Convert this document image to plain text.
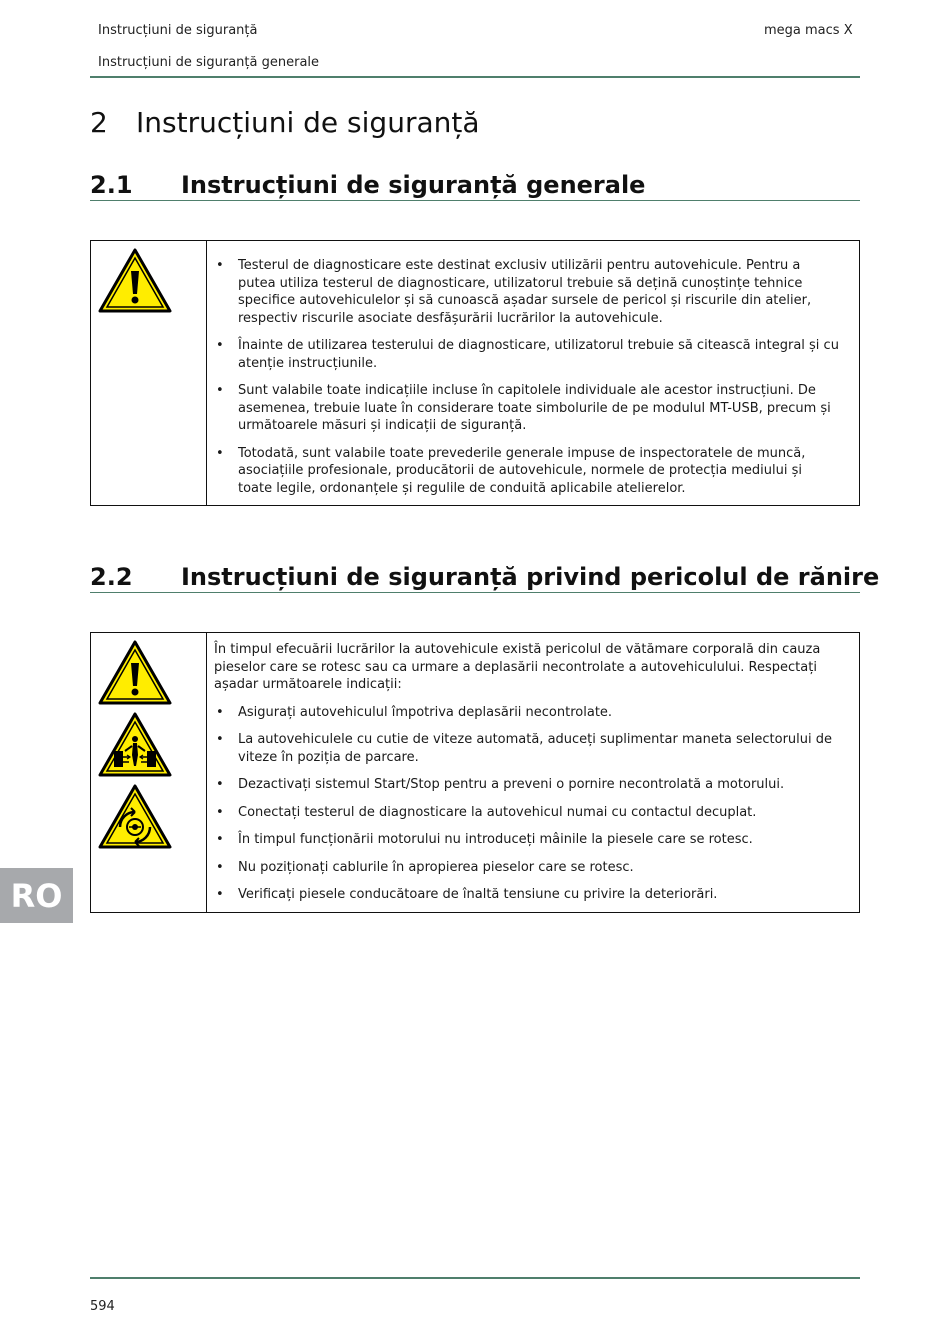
Instrucțiuni de siguranță	mega macs X
Instrucțiuni de siguranță generale
2 Instrucțiuni de siguranță
2.1 Instrucțiuni de siguranță generale

• Testerul de diagnosticare este destinat exclusiv utilizării pentru autovehicule. Pentru a putea utiliza testerul de diagnosticare, utilizatorul trebuie să dețină cunoștințe tehnice specifice autovehiculelor și să cunoască așadar sursele de pericol și riscurile din atelier, respectiv riscurile asociate desfășurării lucrărilor la autovehicule.
• Înainte de utilizarea testerului de diagnosticare, utilizatorul trebuie să citească integral și cu atenție instrucțiunile.
• Sunt valabile toate indicațiile incluse în capitolele individuale ale acestor instrucțiuni. De asemenea, trebuie luate în considerare toate simbolurile de pe modulul MT-USB, precum și următoarele măsuri și indicații de siguranță.
• Totodată, sunt valabile toate prevederile generale impuse de inspectoratele de muncă, asociațiile profesionale, producătorii de autovehicule, normele de protecția mediului și toate legile, ordonanțele și regulile de conduită aplicabile atelierelor.
2.2 Instrucțiuni de siguranță privind pericolul de rănire

În timpul efecuării lucrărilor la autovehicule există pericolul de vătămare corporală din cauza pieselor care se rotesc sau ca urmare a deplasării necontrolate a autovehiculului. Respectați așadar următoarele indicații:

• Asigurați autovehiculul împotriva deplasării necontrolate.
• La autovehiculele cu cutie de viteze automată, aduceți suplimentar maneta selectorului de viteze în poziția de parcare.
• Dezactivați sistemul Start/Stop pentru a preveni o pornire necontrolată a motorului.
• Conectați testerul de diagnosticare la autovehicul numai cu contactul decuplat.
• În timpul funcționării motorului nu introduceți mâinile la piesele care se rotesc.
• Nu poziționați cablurile în apropierea pieselor care se rotesc.
• Verificați piesele conducătoare de înaltă tensiune cu privire la deteriorări.
RO
594
